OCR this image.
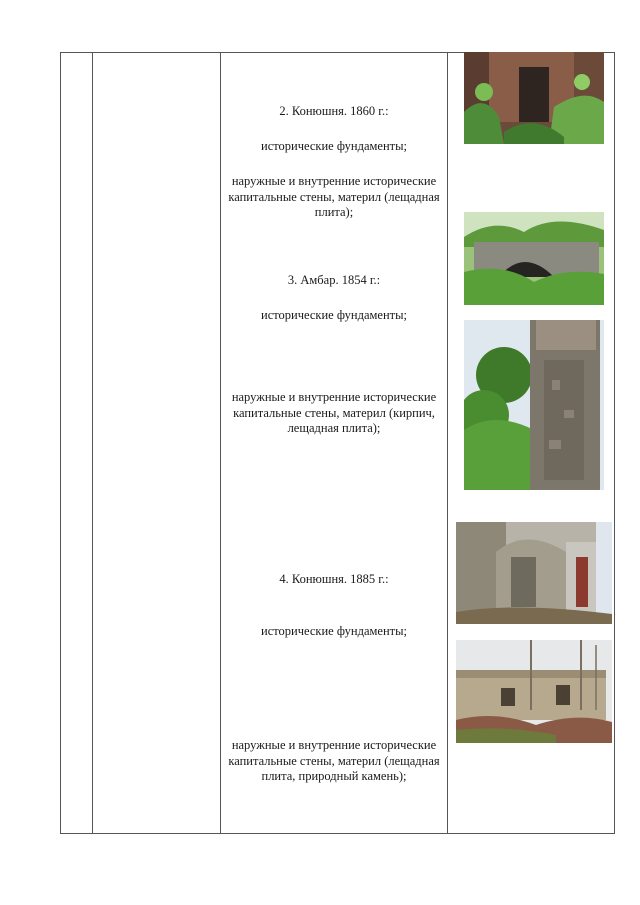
2. Конюшня. 1860 г.:
исторические фундаменты;
наружные и внутренние исторические капитальные стены, материл (лещадная плита);
3. Амбар. 1854 г.:
исторические фундаменты;
наружные и внутренние исторические капитальные стены, материл (кирпич, лещадная плита);
4. Конюшня. 1885 г.:
исторические фундаменты;
наружные и внутренние исторические капитальные стены, материл (лещадная плита, природный камень);
